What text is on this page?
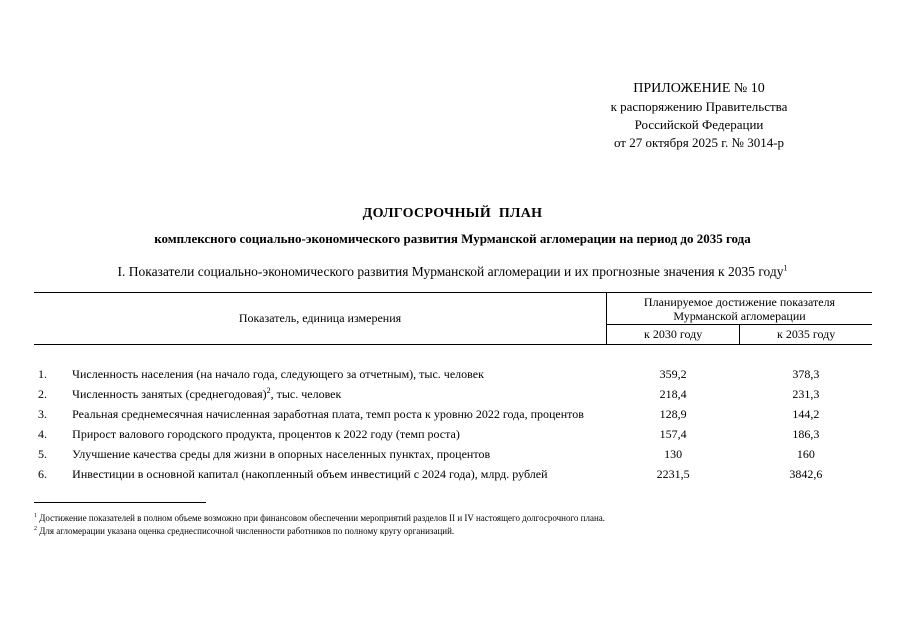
ПРИЛОЖЕНИЕ № 10
к распоряжению Правительства
Российской Федерации
от 27 октября 2025 г. № 3014-р
ДОЛГОСРОЧНЫЙ ПЛАН
комплексного социально-экономического развития Мурманской агломерации на период до 2035 года
I. Показатели социально-экономического развития Мурманской агломерации и их прогнозные значения к 2035 году$^1$
Показатель, единица измерения		Планируемое достижение показателя
Мурманской агломерации	
		к 2030 году	к 2035 году

1.	Численность населения (на начало года, следующего за отчетным), тыс. человек	359,2	378,3
2.	Численность занятых (среднегодовая)$^2$, тыс. человек	218,4	231,3
3.	Реальная среднемесячная начисленная заработная плата, темп роста к уровню 2022 года, процентов	128,9	144,2
4.	Прирост валового городского продукта, процентов к 2022 году (темп роста)	157,4	186,3
5.	Улучшение качества среды для жизни в опорных населенных пунктах, процентов	130	160
6.	Инвестиции в основной капитал (накопленный объем инвестиций с 2024 года), млрд. рублей	2231,5	3842,6
$^1$ Достижение показателей в полном объеме возможно при финансовом обеспечении мероприятий разделов II и IV настоящего долгосрочного плана.
$^2$ Для агломерации указана оценка среднесписочной численности работников по полному кругу организаций.
